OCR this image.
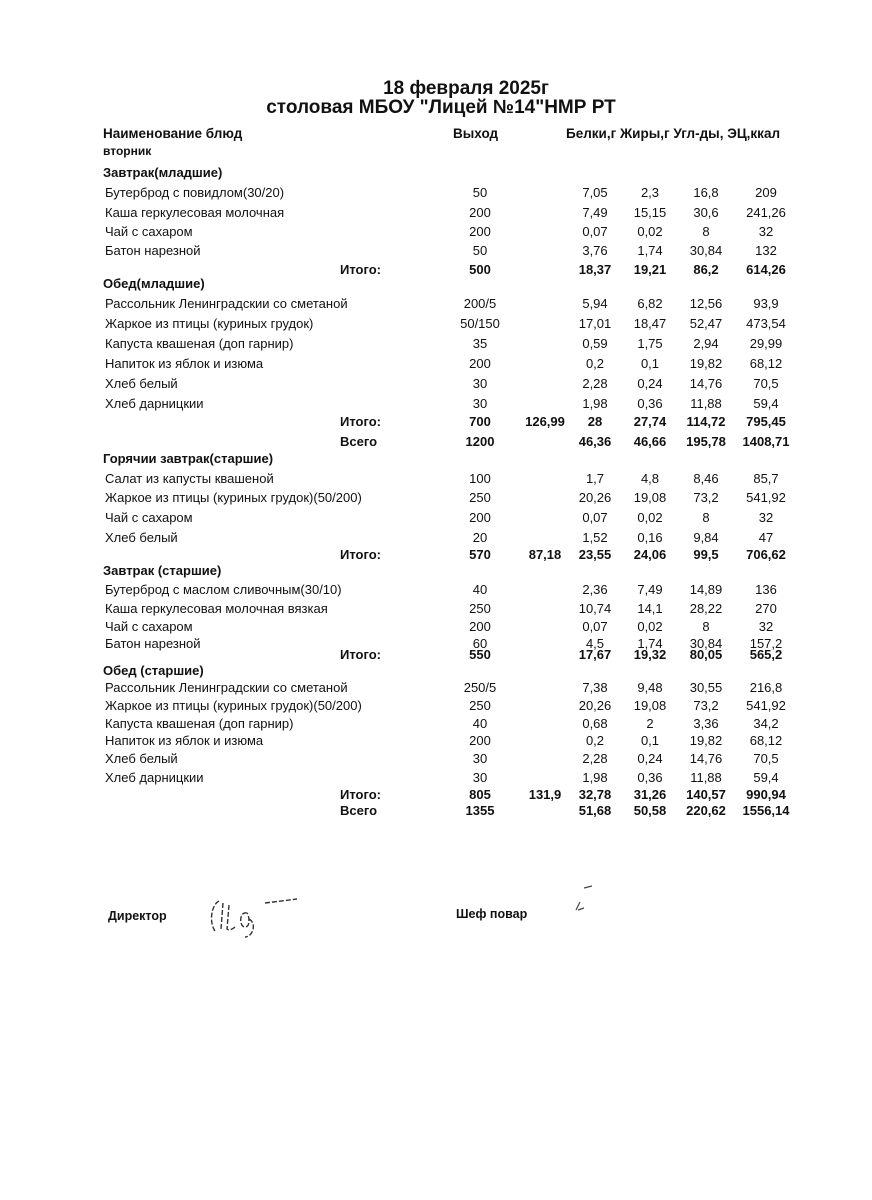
18 февраля 2025г
столовая МБОУ "Лицей №14"НМР РТ
Наименование блюд	Выход	Белки,г Жиры,г Угл-ды, ЭЦ,ккал
вторник
Завтрак(младшие)
Бутерброд с повидлом(30/20)	50	7,05	2,3	16,8	209
Каша геркулесовая молочная	200	7,49	15,15	30,6	241,26
Чай с сахаром	200	0,07	0,02	8	32
Батон нарезной	50	3,76	1,74	30,84	132
Итого:	500	18,37	19,21	86,2	614,26
Обед(младшие)
Рассольник Ленинградскии со сметаной	200/5	5,94	6,82	12,56	93,9
Жаркое из птицы (куриных грудок)	50/150	17,01	18,47	52,47	473,54
Капуста квашеная (доп гарнир)	35	0,59	1,75	2,94	29,99
Напиток из яблок и изюма	200	0,2	0,1	19,82	68,12
Хлеб белый	30	2,28	0,24	14,76	70,5
Хлеб дарницкии	30	1,98	0,36	11,88	59,4
Итого:	700	126,99	28	27,74	114,72	795,45
Всего	1200	46,36	46,66	195,78	1408,71
Горячии завтрак(старшие)
Салат из капусты квашеной	100	1,7	4,8	8,46	85,7
Жаркое из птицы (куриных грудок)(50/200)	250	20,26	19,08	73,2	541,92
Чай с сахаром	200	0,07	0,02	8	32
Хлеб белый	20	1,52	0,16	9,84	47
Итого:	570	87,18	23,55	24,06	99,5	706,62
Завтрак (старшие)
Бутерброд с маслом сливочным(30/10)	40	2,36	7,49	14,89	136
Каша геркулесовая молочная вязкая	250	10,74	14,1	28,22	270
Чай с сахаром	200	0,07	0,02	8	32
Батон нарезной	60	4,5	1,74	30,84	157,2
Итого:	550	17,67	19,32	80,05	565,2
Обед (старшие)
Рассольник Ленинградскии со сметаной	250/5	7,38	9,48	30,55	216,8
Жаркое из птицы (куриных грудок)(50/200)	250	20,26	19,08	73,2	541,92
Капуста квашеная (доп гарнир)	40	0,68	2	3,36	34,2
Напиток из яблок и изюма	200	0,2	0,1	19,82	68,12
Хлеб белый	30	2,28	0,24	14,76	70,5
Хлеб дарницкии	30	1,98	0,36	11,88	59,4
Итого:	805	131,9	32,78	31,26	140,57	990,94
Всего	1355	51,68	50,58	220,62	1556,14
Директор	Шеф повар
